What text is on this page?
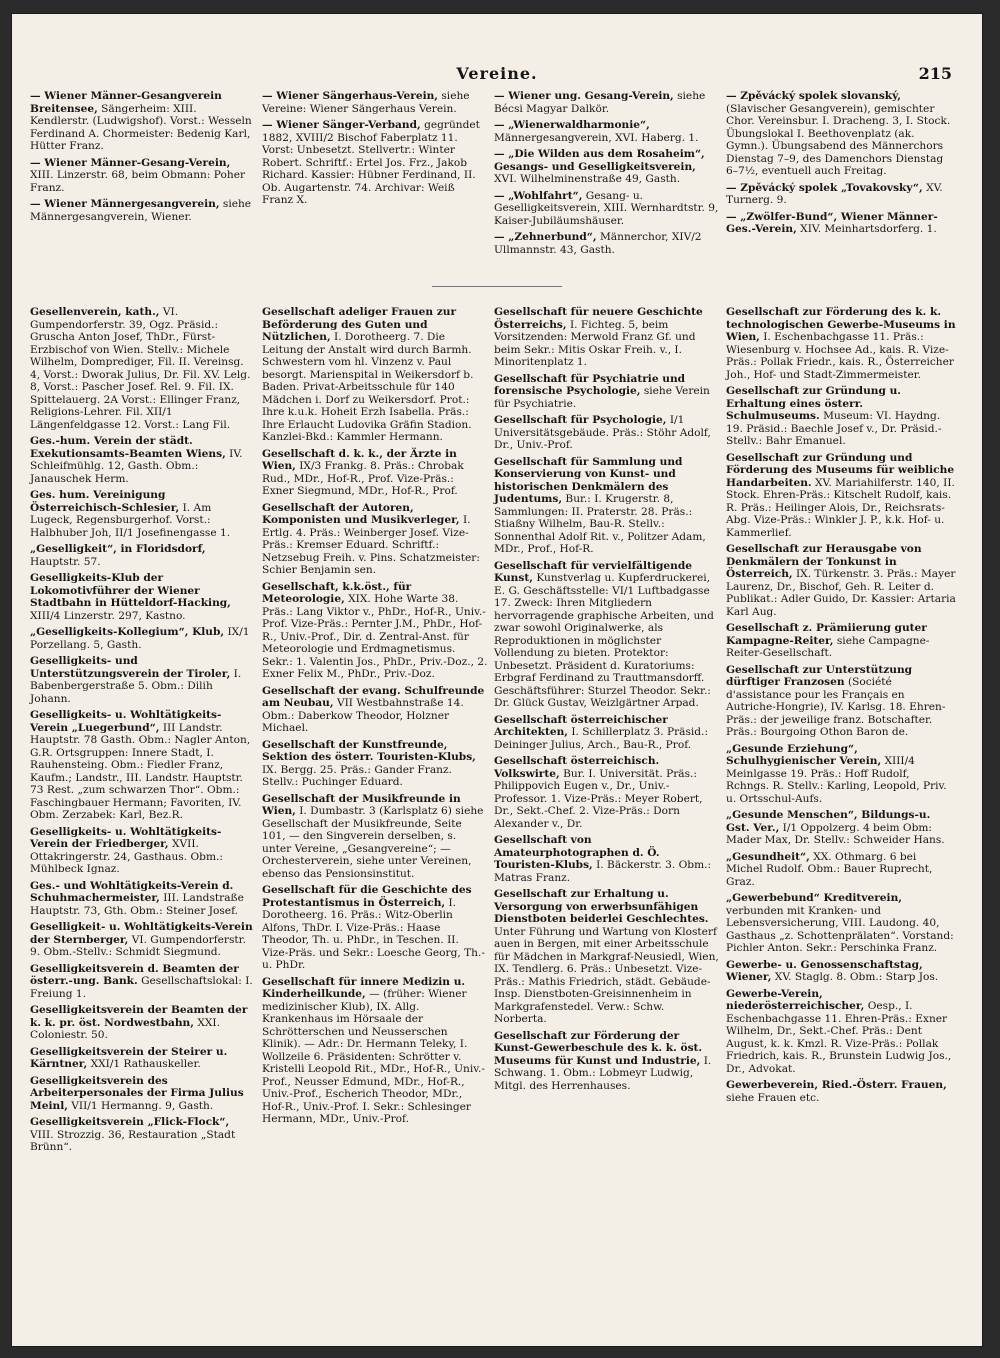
Vereine.	215
— Wiener Männer-Gesangverein Breitensee, Sängerheim: XIII. Kendlerstr. (Ludwigshof). Vorst.: Wesseln Ferdinand A. Chormeister: Bedenig Karl, Hütter Franz.
— Wiener Männer-Gesang-Verein, XIII. Linzerstr. 68, beim Obmann: Poher Franz.
— Wiener Männergesangverein, siehe Männergesangverein, Wiener.
— Wiener Sängerhaus-Verein, siehe Vereine: Wiener Sängerhaus Verein.
— Wiener Sänger-Verband, gegründet 1882, XVIII/2 Bischof Faberplatz 11. Vorst: Unbesetzt. Stellvertr.: Winter Robert. Schriftf.: Ertel Jos. Frz., Jakob Richard. Kassier: Hübner Ferdinand, II. Ob. Augartenstr. 74. Archivar: Weiß Franz X.
— Wiener ung. Gesang-Verein, siehe Bécsi Magyar Dalkör.
— „Wienerwaldharmonie“, Männergesangverein, XVI. Haberg. 1.
— „Die Wilden aus dem Rosaheim“, Gesangs- und Geselligkeitsverein, XVI. Wilhelminenstraße 49, Gasth.
— „Wohlfahrt“, Gesang- u. Geselligkeitsverein, XIII. Wernhardtstr. 9, Kaiser-Jubiläumshäuser.
— „Zehnerbund“, Männerchor, XIV/2 Ullmannstr. 43, Gasth.
— Zpěvácký spolek slovanský, (Slavischer Gesangverein), gemischter Chor. Vereinsbur. I. Dracheng. 3, I. Stock. Übungslokal I. Beethovenplatz (ak. Gymn.). Übungsabend des Männerchors Dienstag 7–9, des Damenchors Dienstag 6–7½, eventuell auch Freitag.
— Zpěvácký spolek „Tovakovsky“, XV. Turnerg. 9.
— „Zwölfer-Bund“, Wiener Männer-Ges.-Verein, XIV. Meinhartsdorferg. 1.
Gesellenverein, kath., VI. Gumpendorferstr. 39, Ogz. Präsid.: Gruscha Anton Josef, ThDr., Fürst-Erzbischof von Wien. Stellv.: Michele Wilhelm, Domprediger, Fil. II. Vereinsg. 4, Vorst.: Dworak Julius, Dr. Fil. XV. Lelg. 8, Vorst.: Pascher Josef. Rel. 9. Fil. IX. Spittelauerg. 2A Vorst.: Ellinger Franz, Religions-Lehrer. Fil. XII/1 Längenfeldgasse 12. Vorst.: Lang Fil.
Ges.-hum. Verein der städt. Exekutionsamts-Beamten Wiens, IV. Schleifmühlg. 12, Gasth. Obm.: Janauschek Herm.
Ges. hum. Vereinigung Österreichisch-Schlesier, I. Am Lugeck, Regensburgerhof. Vorst.: Halbhuber Joh, II/1 Josefinengasse 1.
„Geselligkeit“, in Floridsdorf, Hauptstr. 57.
Geselligkeits-Klub der Lokomotivführer der Wiener Stadtbahn in Hütteldorf-Hacking, XIII/4 Linzerstr. 297, Kastno.
„Geselligkeits-Kollegium“, Klub, IX/1 Porzellang. 5, Gasth.
Geselligkeits- und Unterstützungsverein der Tiroler, I. Babenbergerstraße 5. Obm.: Dilih Johann.
Geselligkeits- u. Wohltätigkeits-Verein „Luegerbund“, III Landstr. Hauptstr. 78 Gasth. Obm.: Nagler Anton, G.R. Ortsgruppen: Innere Stadt, I. Rauhensteing. Obm.: Fiedler Franz, Kaufm.; Landstr., III. Landstr. Hauptstr. 73 Rest. „zum schwarzen Thor“. Obm.: Faschingbauer Hermann; Favoriten, IV. Obm. Zerzabek: Karl, Bez.R.
Geselligkeits- u. Wohltätigkeits-Verein der Friedberger, XVII. Ottakringerstr. 24, Gasthaus. Obm.: Mühlbeck Ignaz.
Ges.- und Wohltätigkeits-Verein d. Schuhmachermeister, III. Landstraße Hauptstr. 73, Gth. Obm.: Steiner Josef.
Geselligkeit- u. Wohltätigkeits-Verein der Sternberger, VI. Gumpendorferstr. 9. Obm.-Stellv.: Schmidt Siegmund.
Geselligkeitsverein d. Beamten der österr.-ung. Bank. Gesellschaftslokal: I. Freiung 1.
Geselligkeitsverein der Beamten der k. k. pr. öst. Nordwestbahn, XXI. Coloniestr. 50.
Geselligkeitsverein der Steirer u. Kärntner, XXI/1 Rathauskeller.
Geselligkeitsverein des Arbeiterpersonales der Firma Julius Meinl, VII/1 Hermanng. 9, Gasth.
Geselligkeitsverein „Flick-Flock“, VIII. Strozzig. 36, Restauration „Stadt Brünn“.
Gesellschaft adeliger Frauen zur Beförderung des Guten und Nützlichen, I. Dorotheerg. 7. Die Leitung der Anstalt wird durch Barmh. Schwestern vom hl. Vinzenz v. Paul besorgt. Marienspital in Weikersdorf b. Baden. Privat-Arbeitsschule für 140 Mädchen i. Dorf zu Weikersdorf. Prot.: Ihre k.u.k. Hoheit Erzh Isabella. Präs.: Ihre Erlaucht Ludovika Gräfin Stadion. Kanzlei-Bkd.: Kammler Hermann.
Gesellschaft d. k. k., der Ärzte in Wien, IX/3 Frankg. 8. Präs.: Chrobak Rud., MDr., Hof-R., Prof. Vize-Präs.: Exner Siegmund, MDr., Hof-R., Prof.
Gesellschaft der Autoren, Komponisten und Musikverleger, I. Ertlg. 4. Präs.: Weinberger Josef. Vize-Präs.: Kremser Eduard. Schriftf.: Netzsebug Freih. v. Pins. Schatzmeister: Schier Benjamin sen.
Gesellschaft, k.k.öst., für Meteorologie, XIX. Hohe Warte 38. Präs.: Lang Viktor v., PhDr., Hof-R., Univ.-Prof. Vize-Präs.: Pernter J.M., PhDr., Hof-R., Univ.-Prof., Dir. d. Zentral-Anst. für Meteorologie und Erdmagnetismus. Sekr.: 1. Valentin Jos., PhDr., Priv.-Doz., 2. Exner Felix M., PhDr., Priv.-Doz.
Gesellschaft der evang. Schulfreunde am Neubau, VII Westbahnstraße 14. Obm.: Daberkow Theodor, Holzner Michael.
Gesellschaft der Kunstfreunde, Sektion des österr. Touristen-Klubs, IX. Bergg. 25. Präs.: Gander Franz. Stellv.: Puchinger Eduard.
Gesellschaft der Musikfreunde in Wien, I. Dumbastr. 3 (Karlsplatz 6) siehe Gesellschaft der Musikfreunde, Seite 101, — den Singverein derselben, s. unter Vereine, „Gesangvereine“; — Orchesterverein, siehe unter Vereinen, ebenso das Pensionsinstitut.
Gesellschaft für die Geschichte des Protestantismus in Österreich, I. Dorotheerg. 16. Präs.: Witz-Oberlin Alfons, ThDr. I. Vize-Präs.: Haase Theodor, Th. u. PhDr., in Teschen. II. Vize-Präs. und Sekr.: Loesche Georg, Th.- u. PhDr.
Gesellschaft für innere Medizin u. Kinderheilkunde, — (früher: Wiener medizinischer Klub), IX. Allg. Krankenhaus im Hörsaale der Schrötterschen und Neusserschen Klinik). — Adr.: Dr. Hermann Teleky, I. Wollzeile 6. Präsidenten: Schrötter v. Kristelli Leopold Rit., MDr., Hof-R., Univ.-Prof., Neusser Edmund, MDr., Hof-R., Univ.-Prof., Escherich Theodor, MDr., Hof-R., Univ.-Prof. I. Sekr.: Schlesinger Hermann, MDr., Univ.-Prof.
Gesellschaft für neuere Geschichte Österreichs, I. Fichteg. 5, beim Vorsitzenden: Merwold Franz Gf. und beim Sekr.: Mitis Oskar Freih. v., I. Minoritenplatz 1.
Gesellschaft für Psychiatrie und forensische Psychologie, siehe Verein für Psychiatrie.
Gesellschaft für Psychologie, I/1 Universitätsgebäude. Präs.: Stöhr Adolf, Dr., Univ.-Prof.
Gesellschaft für Sammlung und Konservierung von Kunst- und historischen Denkmälern des Judentums, Bur.: I. Krugerstr. 8, Sammlungen: II. Praterstr. 28. Präs.: Stiaßny Wilhelm, Bau-R. Stellv.: Sonnenthal Adolf Rit. v., Politzer Adam, MDr., Prof., Hof-R.
Gesellschaft für vervielfältigende Kunst, Kunstverlag u. Kupferdruckerei, E. G. Geschäftsstelle: VI/1 Luftbadgasse 17. Zweck: Ihren Mitgliedern hervorragende graphische Arbeiten, und zwar sowohl Originalwerke, als Reproduktionen in möglichster Vollendung zu bieten. Protektor: Unbesetzt. Präsident d. Kuratoriums: Erbgraf Ferdinand zu Trauttmansdorff. Geschäftsführer: Sturzel Theodor. Sekr.: Dr. Glück Gustav, Weizlgärtner Arpad.
Gesellschaft österreichischer Architekten, I. Schillerplatz 3. Präsid.: Deininger Julius, Arch., Bau-R., Prof.
Gesellschaft österreichisch. Volkswirte, Bur. I. Universität. Präs.: Philippovich Eugen v., Dr., Univ.-Professor. 1. Vize-Präs.: Meyer Robert, Dr., Sekt.-Chef. 2. Vize-Präs.: Dorn Alexander v., Dr.
Gesellschaft von Amateurphotographen d. Ö. Touristen-Klubs, I. Bäckerstr. 3. Obm.: Matras Franz.
Gesellschaft zur Erhaltung u. Versorgung von erwerbsunfähigen Dienstboten beiderlei Geschlechtes. Unter Führung und Wartung von Klosterf auen in Bergen, mit einer Arbeitsschule für Mädchen in Markgraf-Neusiedl, Wien, IX. Tendlerg. 6. Präs.: Unbesetzt. Vize-Präs.: Mathis Friedrich, städt. Gebäude-Insp. Dienstboten-Greisinnenheim in Markgrafenstedel. Verw.: Schw. Norberta.
Gesellschaft zur Förderung der Kunst-Gewerbeschule des k. k. öst. Museums für Kunst und Industrie, I. Schwang. 1. Obm.: Lobmeyr Ludwig, Mitgl. des Herrenhauses.
Gesellschaft zur Förderung des k. k. technologischen Gewerbe-Museums in Wien, I. Eschenbachgasse 11. Präs.: Wiesenburg v. Hochsee Ad., kais. R. Vize-Präs.: Pollak Friedr., kais. R., Österreicher Joh., Hof- und Stadt-Zimmermeister.
Gesellschaft zur Gründung u. Erhaltung eines österr. Schulmuseums. Museum: VI. Haydng. 19. Präsid.: Baechle Josef v., Dr. Präsid.-Stellv.: Bahr Emanuel.
Gesellschaft zur Gründung und Förderung des Museums für weibliche Handarbeiten. XV. Mariahilferstr. 140, II. Stock. Ehren-Präs.: Kitschelt Rudolf, kais. R. Präs.: Heilinger Alois, Dr., Reichsrats-Abg. Vize-Präs.: Winkler J. P., k.k. Hof- u. Kammerlief.
Gesellschaft zur Herausgabe von Denkmälern der Tonkunst in Österreich, IX. Türkenstr. 3. Präs.: Mayer Laurenz, Dr., Bischof, Geh. R. Leiter d. Publikat.: Adler Guido, Dr. Kassier: Artaria Karl Aug.
Gesellschaft z. Prämiierung guter Kampagne-Reiter, siehe Campagne-Reiter-Gesellschaft.
Gesellschaft zur Unterstützung dürftiger Franzosen (Société d'assistance pour les Français en Autriche-Hongrie), IV. Karlsg. 18. Ehren-Präs.: der jeweilige franz. Botschafter. Präs.: Bourgoing Othon Baron de.
„Gesunde Erziehung“, Schulhygienischer Verein, XIII/4 Meinlgasse 19. Präs.: Hoff Rudolf, Rchngs. R. Stellv.: Karling, Leopold, Priv. u. Ortsschul-Aufs.
„Gesunde Menschen“, Bildungs-u. Gst. Ver., I/1 Oppolzerg. 4 beim Obm: Mader Max, Dr. Stellv.: Schweider Hans.
„Gesundheit“, XX. Othmarg. 6 bei Michel Rudolf. Obm.: Bauer Ruprecht, Graz.
„Gewerbebund“ Kreditverein, verbunden mit Kranken- und Lebensversicherung, VIII. Laudong. 40, Gasthaus „z. Schottenprälaten“. Vorstand: Pichler Anton. Sekr.: Perschinka Franz.
Gewerbe- u. Genossenschaftstag, Wiener, XV. Staglg. 8. Obm.: Starp Jos.
Gewerbe-Verein, niederösterreichischer, Oesp., I. Eschenbachgasse 11. Ehren-Präs.: Exner Wilhelm, Dr., Sekt.-Chef. Präs.: Dent August, k. k. Kmzl. R. Vize-Präs.: Pollak Friedrich, kais. R., Brunstein Ludwig Jos., Dr., Advokat.
Gewerbeverein, Ried.-Österr. Frauen, siehe Frauen etc.
